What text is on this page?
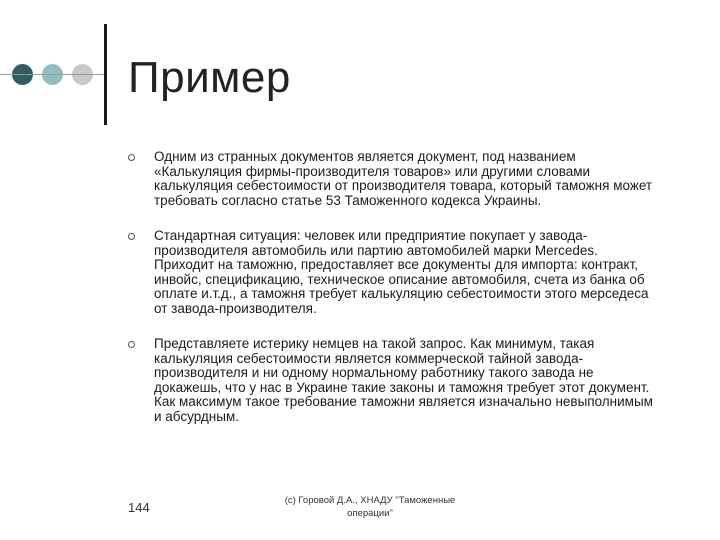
Пример
Одним из странных документов является документ, под названием «Калькуляция фирмы-производителя товаров» или другими словами калькуляция себестоимости от производителя товара, который таможня может требовать согласно статье 53 Таможенного кодекса Украины.
Стандартная ситуация: человек или предприятие покупает у завода-производителя автомобиль или партию автомобилей марки Mercedes. Приходит на таможню, предоставляет все документы для импорта: контракт, инвойс, спецификацию, техническое описание автомобиля, счета из банка об оплате и.т.д., а таможня требует калькуляцию себестоимости этого мерседеса от завода-производителя.
Представляете истерику немцев на такой запрос. Как минимум, такая калькуляция себестоимости является коммерческой тайной завода-производителя и ни одному нормальному работнику такого завода не докажешь, что у нас в Украине такие законы и таможня требует этот документ. Как максимум такое требование таможни является изначально невыполнимым и абсурдным.
144	(c) Горовой Д.А., ХНАДУ "Таможенные операции"
